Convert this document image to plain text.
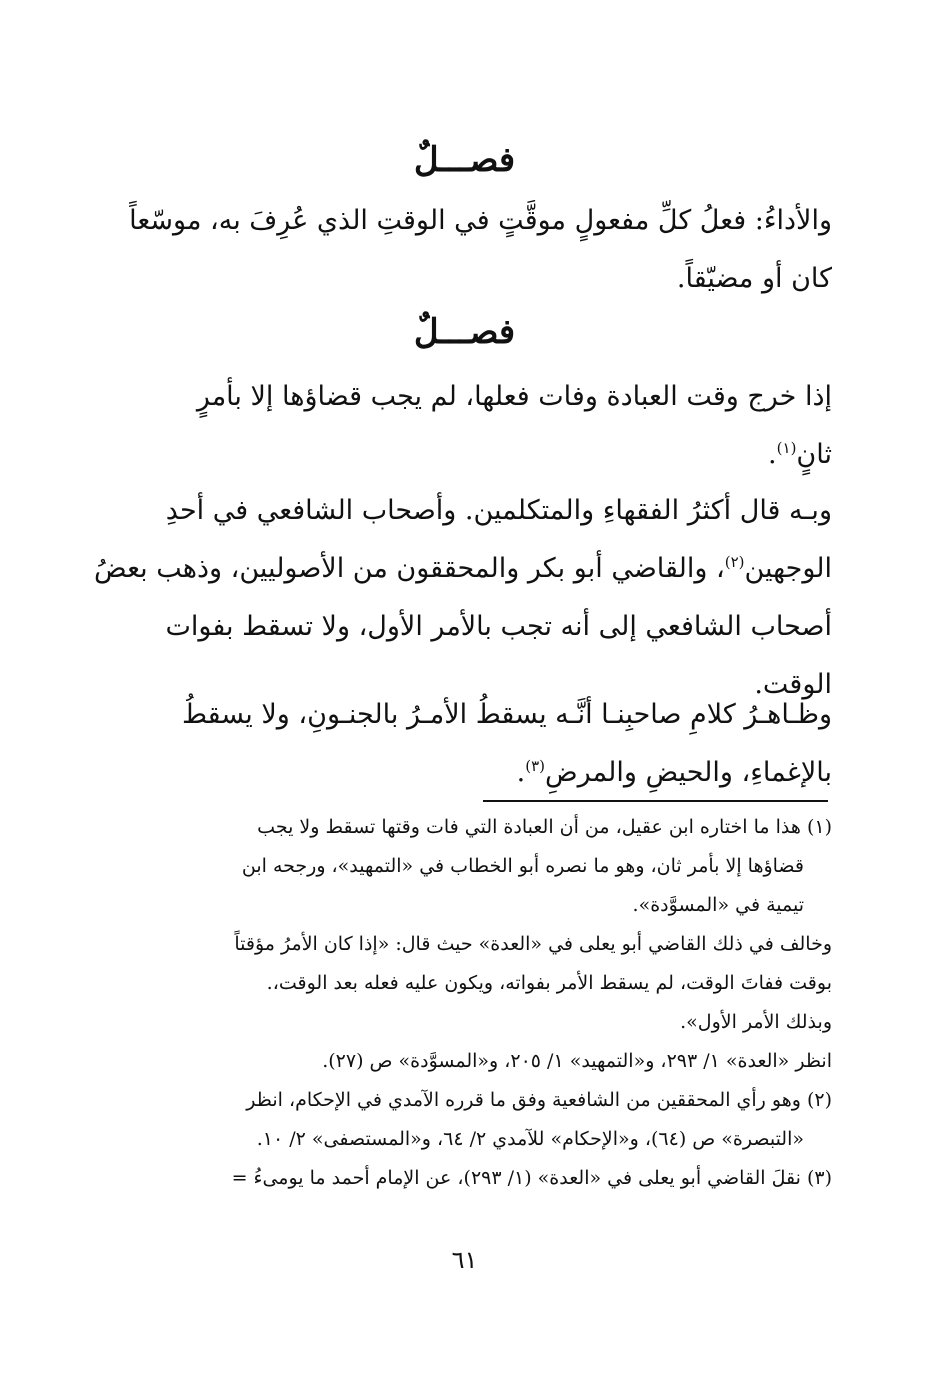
فصـــلٌ
والأداءُ: فعلُ كلِّ مفعولٍ موقَّتٍ في الوقتِ الذي عُرِفَ به، موسّعاً
كان أو مضيّقاً.
فصـــلٌ
إذا خرج وقت العبادة وفات فعلها، لم يجب قضاؤها إلا بأمرٍ
ثانٍ$^{(١)}$.
وبـه قال أكثرُ الفقهاءِ والمتكلمين. وأصحاب الشافعي في أحدِ
الوجهين$^{(٢)}$، والقاضي أبو بكر والمحققون من الأصوليين، وذهب بعضُ
أصحاب الشافعي إلى أنه تجب بالأمر الأول، ولا تسقط بفوات
الوقت.
وظـاهـرُ كلامِ صاحبِنـا أنَّـه يسقطُ الأمـرُ بالجنـونِ، ولا يسقطُ
بالإغماءِ، والحيضِ والمرضِ$^{(٣)}$.
(١) هذا ما اختاره ابن عقيل، من أن العبادة التي فات وقتها تسقط ولا يجب
قضاؤها إلا بأمر ثان، وهو ما نصره أبو الخطاب في «التمهيد»، ورجحه ابن
تيمية في «المسوَّدة».
وخالف في ذلك القاضي أبو يعلى في «العدة» حيث قال: «إذا كان الأمرُ مؤقتاً
بوقت ففاتَ الوقت، لم يسقط الأمر بفواته، ويكون عليه فعله بعد الوقت،.
وبذلك الأمر الأول».
انظر «العدة» ١/ ٢٩٣، و«التمهيد» ١/ ٢٠٥، و«المسوَّدة» ص (٢٧).
(٢) وهو رأي المحققين من الشافعية وفق ما قرره الآمدي في الإحكام، انظر
«التبصرة» ص (٦٤)، و«الإحكام» للآمدي ٢/ ٦٤، و«المستصفى» ٢/ ١٠.
(٣) نقلَ القاضي أبو يعلى في «العدة» (١/ ٢٩٣)، عن الإمام أحمد ما يومىءُ =
٦١
